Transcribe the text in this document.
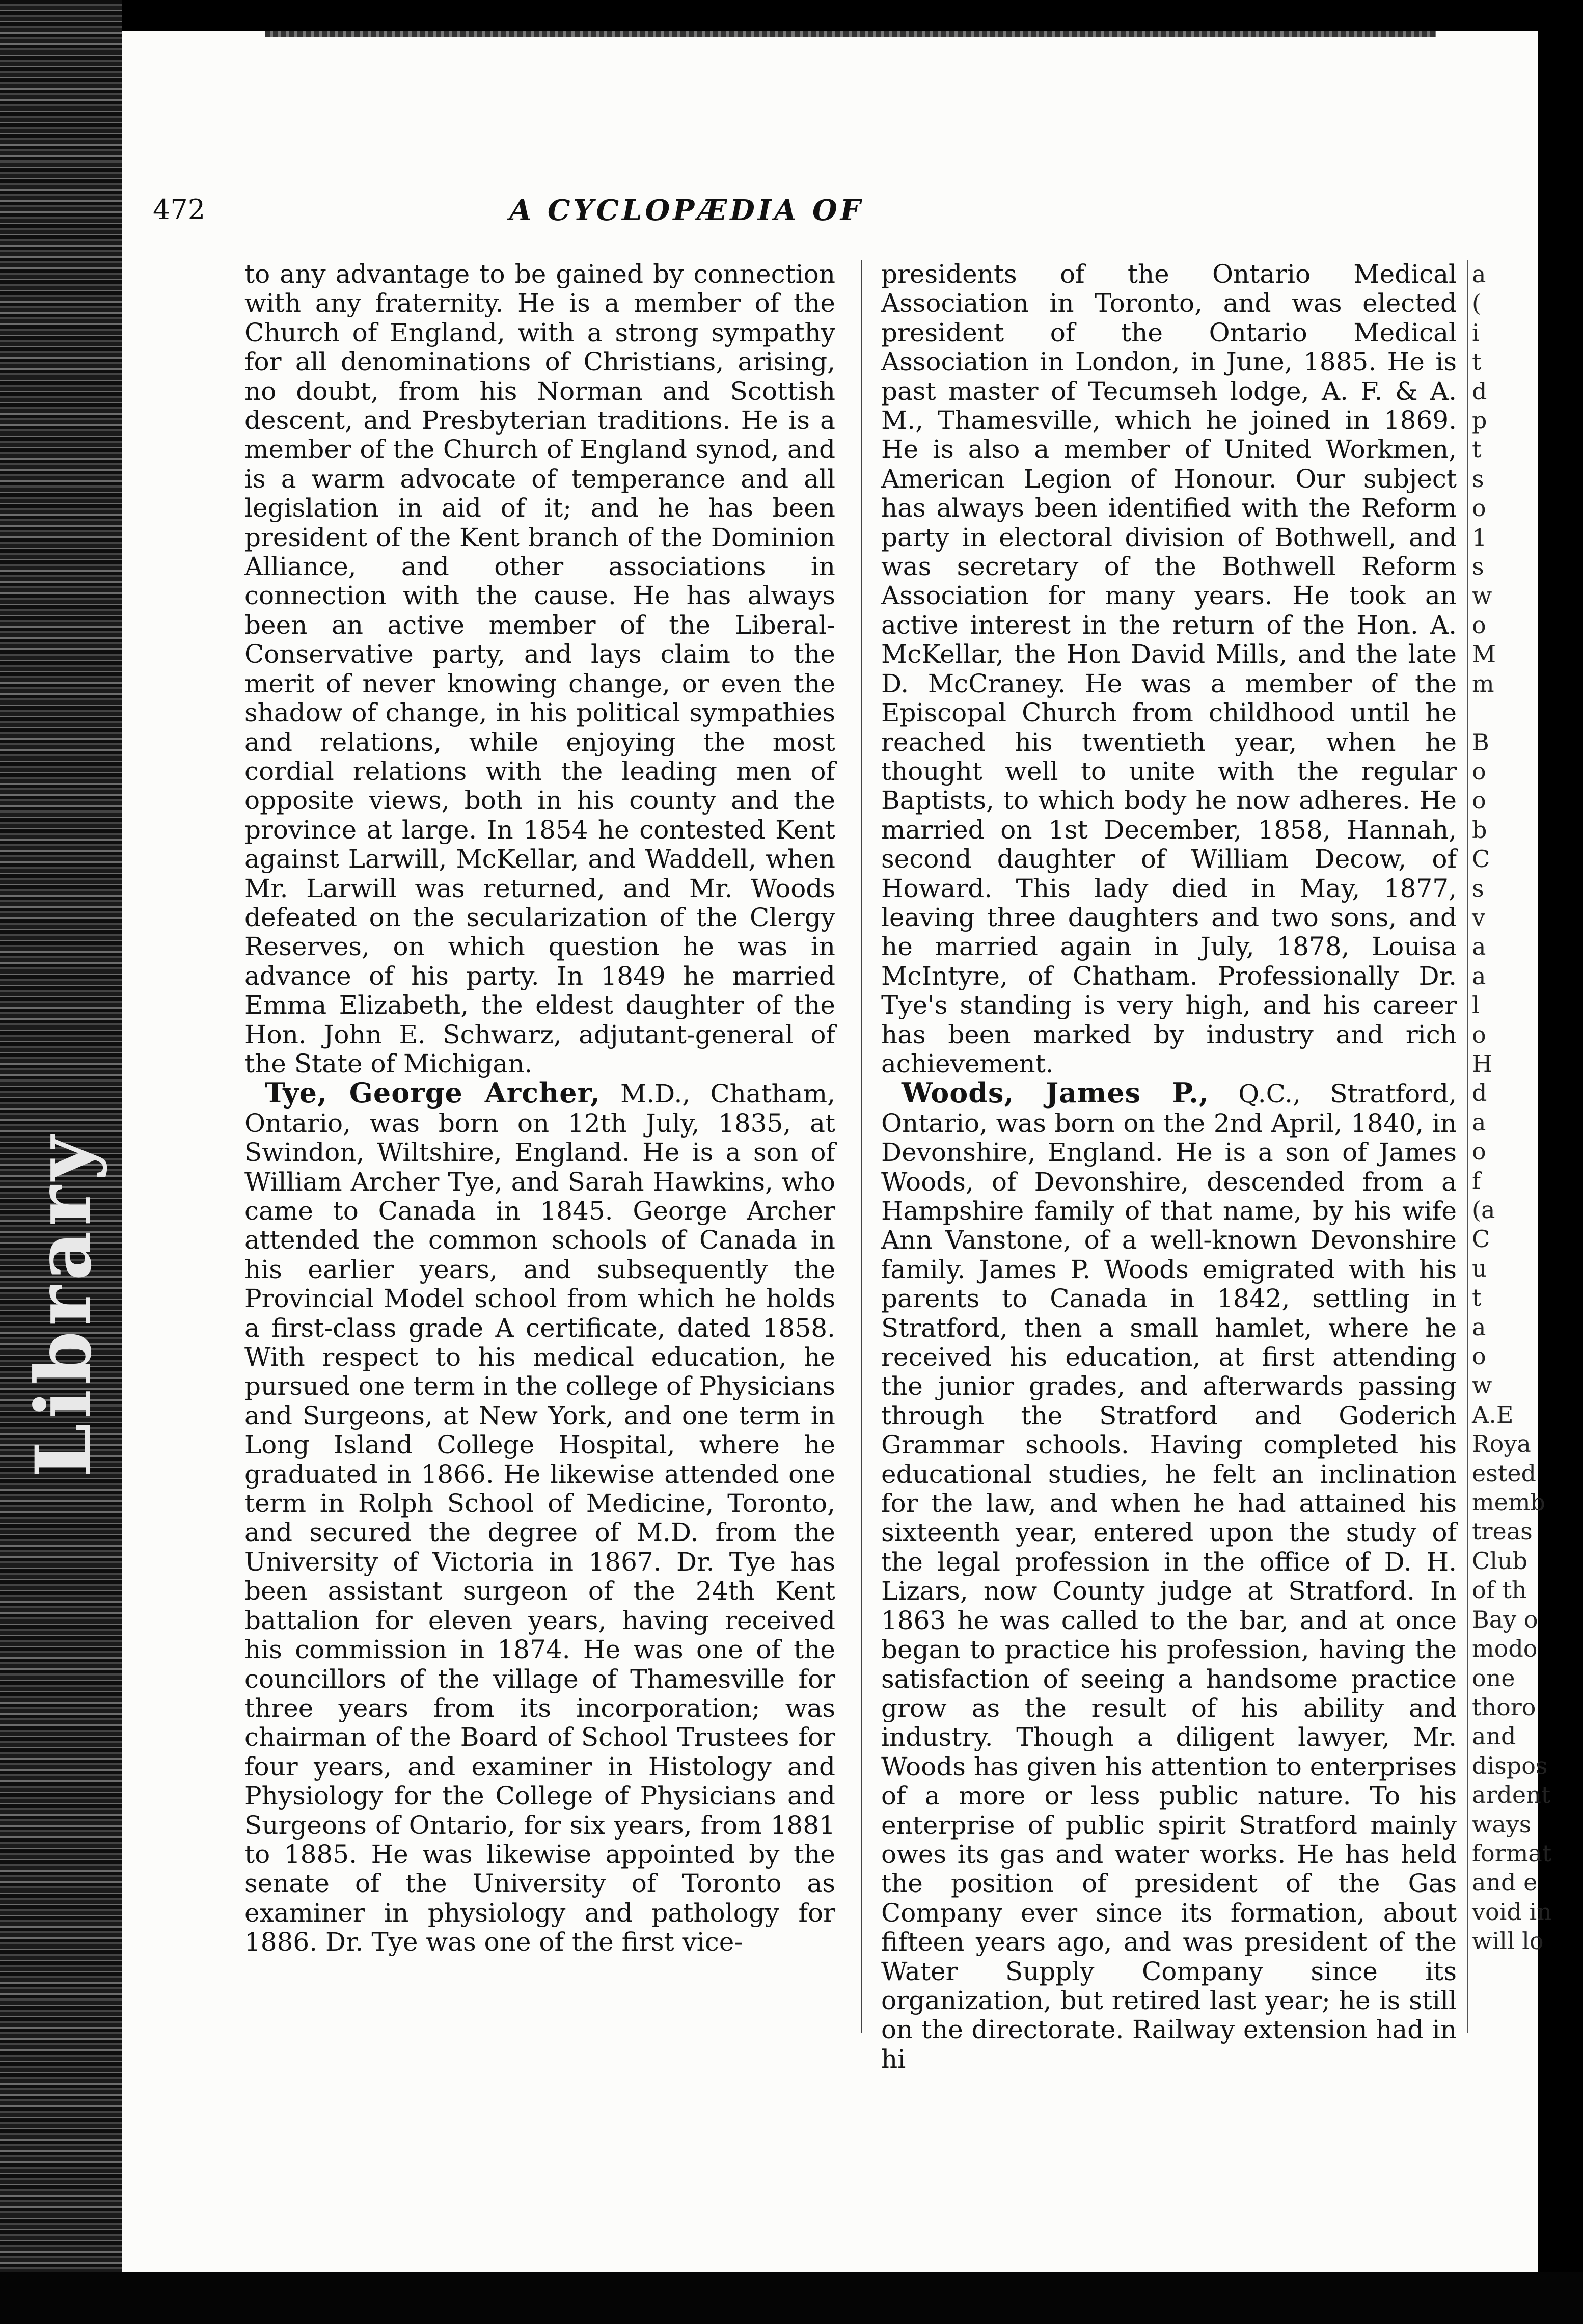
Library
472	A CYCLOPÆDIA OF

to any advantage to be gained by connection with any fraternity. He is a member of the Church of England, with a strong sympathy for all denominations of Christians, arising, no doubt, from his Norman and Scottish descent, and Presbyterian traditions. He is a member of the Church of England synod, and is a warm advocate of temperance and all legislation in aid of it; and he has been president of the Kent branch of the Dominion Alliance, and other associations in connection with the cause. He has always been an active member of the Liberal-Conservative party, and lays claim to the merit of never knowing change, or even the shadow of change, in his political sympathies and relations, while enjoying the most cordial relations with the leading men of opposite views, both in his county and the province at large. In 1854 he contested Kent against Larwill, McKellar, and Waddell, when Mr. Larwill was returned, and Mr. Woods defeated on the secularization of the Clergy Reserves, on which question he was in advance of his party. In 1849 he married Emma Elizabeth, the eldest daughter of the Hon. John E. Schwarz, adjutant-general of the State of Michigan.

Tye, George Archer, M.D., Chatham, Ontario, was born on 12th July, 1835, at Swindon, Wiltshire, England. He is a son of William Archer Tye, and Sarah Hawkins, who came to Canada in 1845. George Archer attended the common schools of Canada in his earlier years, and subsequently the Provincial Model school from which he holds a first-class grade A certificate, dated 1858. With respect to his medical education, he pursued one term in the college of Physicians and Surgeons, at New York, and one term in Long Island College Hospital, where he graduated in 1866. He likewise attended one term in Rolph School of Medicine, Toronto, and secured the degree of M.D. from the University of Victoria in 1867. Dr. Tye has been assistant surgeon of the 24th Kent battalion for eleven years, having received his commission in 1874. He was one of the councillors of the village of Thamesville for three years from its incorporation; was chairman of the Board of School Trustees for four years, and examiner in Histology and Physiology for the College of Physicians and Surgeons of Ontario, for six years, from 1881 to 1885. He was likewise appointed by the senate of the University of Toronto as examiner in physiology and pathology for 1886. Dr. Tye was one of the first vice-

presidents of the Ontario Medical Association in Toronto, and was elected president of the Ontario Medical Association in London, in June, 1885. He is past master of Tecumseh lodge, A. F. & A. M., Thamesville, which he joined in 1869. He is also a member of United Workmen, American Legion of Honour. Our subject has always been identified with the Reform party in electoral division of Bothwell, and was secretary of the Bothwell Reform Association for many years. He took an active interest in the return of the Hon. A. McKellar, the Hon David Mills, and the late D. McCraney. He was a member of the Episcopal Church from childhood until he reached his twentieth year, when he thought well to unite with the regular Baptists, to which body he now adheres. He married on 1st December, 1858, Hannah, second daughter of William Decow, of Howard. This lady died in May, 1877, leaving three daughters and two sons, and he married again in July, 1878, Louisa McIntyre, of Chatham. Professionally Dr. Tye's standing is very high, and his career has been marked by industry and rich achievement.

Woods, James P., Q.C., Stratford, Ontario, was born on the 2nd April, 1840, in Devonshire, England. He is a son of James Woods, of Devonshire, descended from a Hampshire family of that name, by his wife Ann Vanstone, of a well-known Devonshire family. James P. Woods emigrated with his parents to Canada in 1842, settling in Stratford, then a small hamlet, where he received his education, at first attending the junior grades, and afterwards passing through the Stratford and Goderich Grammar schools. Having completed his educational studies, he felt an inclination for the law, and when he had attained his sixteenth year, entered upon the study of the legal profession in the office of D. H. Lizars, now County judge at Stratford. In 1863 he was called to the bar, and at once began to practice his profession, having the satisfaction of seeing a handsome practice grow as the result of his ability and industry. Though a diligent lawyer, Mr. Woods has given his attention to enterprises of a more or less public nature. To his enterprise of public spirit Stratford mainly owes its gas and water works. He has held the position of president of the Gas Company ever since its formation, about fifteen years ago, and was president of the Water Supply Company since its organization, but retired last year; he is still on the directorate. Railway extension had in hi

a
(
i
t
d
p
t
s
o
1
s
w
o
M
m

B
o
o
b
C
s
v
a
a
l
o
H
d
a
o
f
(a
C
u
t
a
o
w
A.E
Roya
ested
memb
treas
Club
of th
Bay o
modo
one
thoro
and
dispos
ardent
ways
format
and e
void in
will lo
